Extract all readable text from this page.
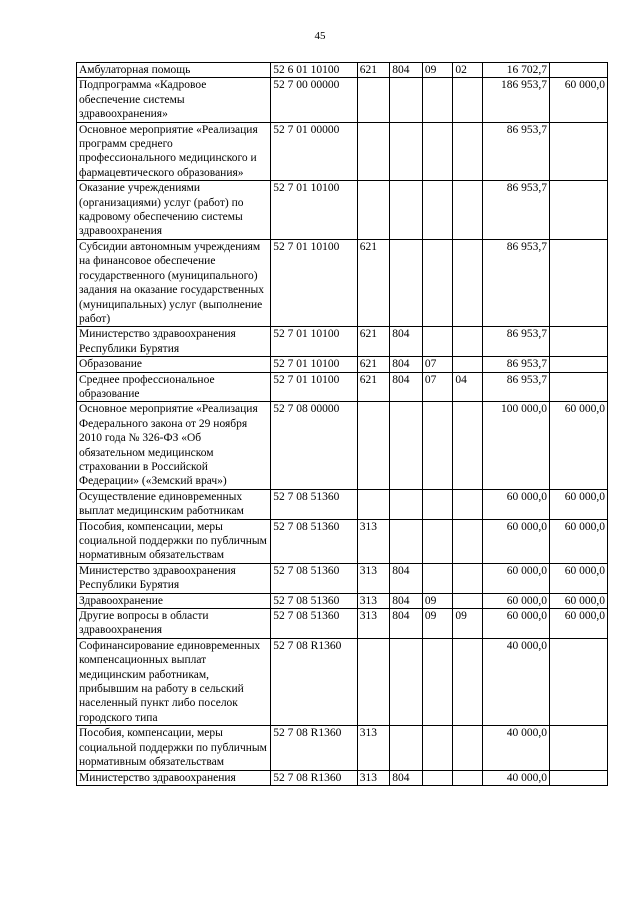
45
Амбулаторная помощь	52 6 01 10100	621	804	09	02	16 702,7	
Подпрограмма «Кадровое обеспечение системы здравоохранения»	52 7 00 00000					186 953,7	60 000,0
Основное мероприятие «Реализация программ среднего профессионального медицинского и фармацевтического образования»	52 7 01 00000					86 953,7	
Оказание учреждениями (организациями) услуг (работ) по кадровому обеспечению системы здравоохранения	52 7 01 10100					86 953,7	
Субсидии автономным учреждениям на финансовое обеспечение государственного (муниципального) задания на оказание государственных (муниципальных) услуг (выполнение работ)	52 7 01 10100	621				86 953,7	
Министерство здравоохранения Республики Бурятия	52 7 01 10100	621	804			86 953,7	
Образование	52 7 01 10100	621	804	07		86 953,7	
Среднее профессиональное образование	52 7 01 10100	621	804	07	04	86 953,7	
Основное мероприятие «Реализация Федерального закона от 29 ноября 2010 года № 326-ФЗ «Об обязательном медицинском страховании в Российской Федерации» («Земский врач»)	52 7 08 00000					100 000,0	60 000,0
Осуществление единовременных выплат медицинским работникам	52 7 08 51360					60 000,0	60 000,0
Пособия, компенсации, меры социальной поддержки по публичным нормативным обязательствам	52 7 08 51360	313				60 000,0	60 000,0
Министерство здравоохранения Республики Бурятия	52 7 08 51360	313	804			60 000,0	60 000,0
Здравоохранение	52 7 08 51360	313	804	09		60 000,0	60 000,0
Другие вопросы в области здравоохранения	52 7 08 51360	313	804	09	09	60 000,0	60 000,0
Софинансирование единовременных компенсационных выплат медицинским работникам, прибывшим на работу в сельский населенный пункт либо поселок городского типа	52 7 08 R1360					40 000,0	
Пособия, компенсации, меры социальной поддержки по публичным нормативным обязательствам	52 7 08 R1360	313				40 000,0	
Министерство здравоохранения	52 7 08 R1360	313	804			40 000,0	
